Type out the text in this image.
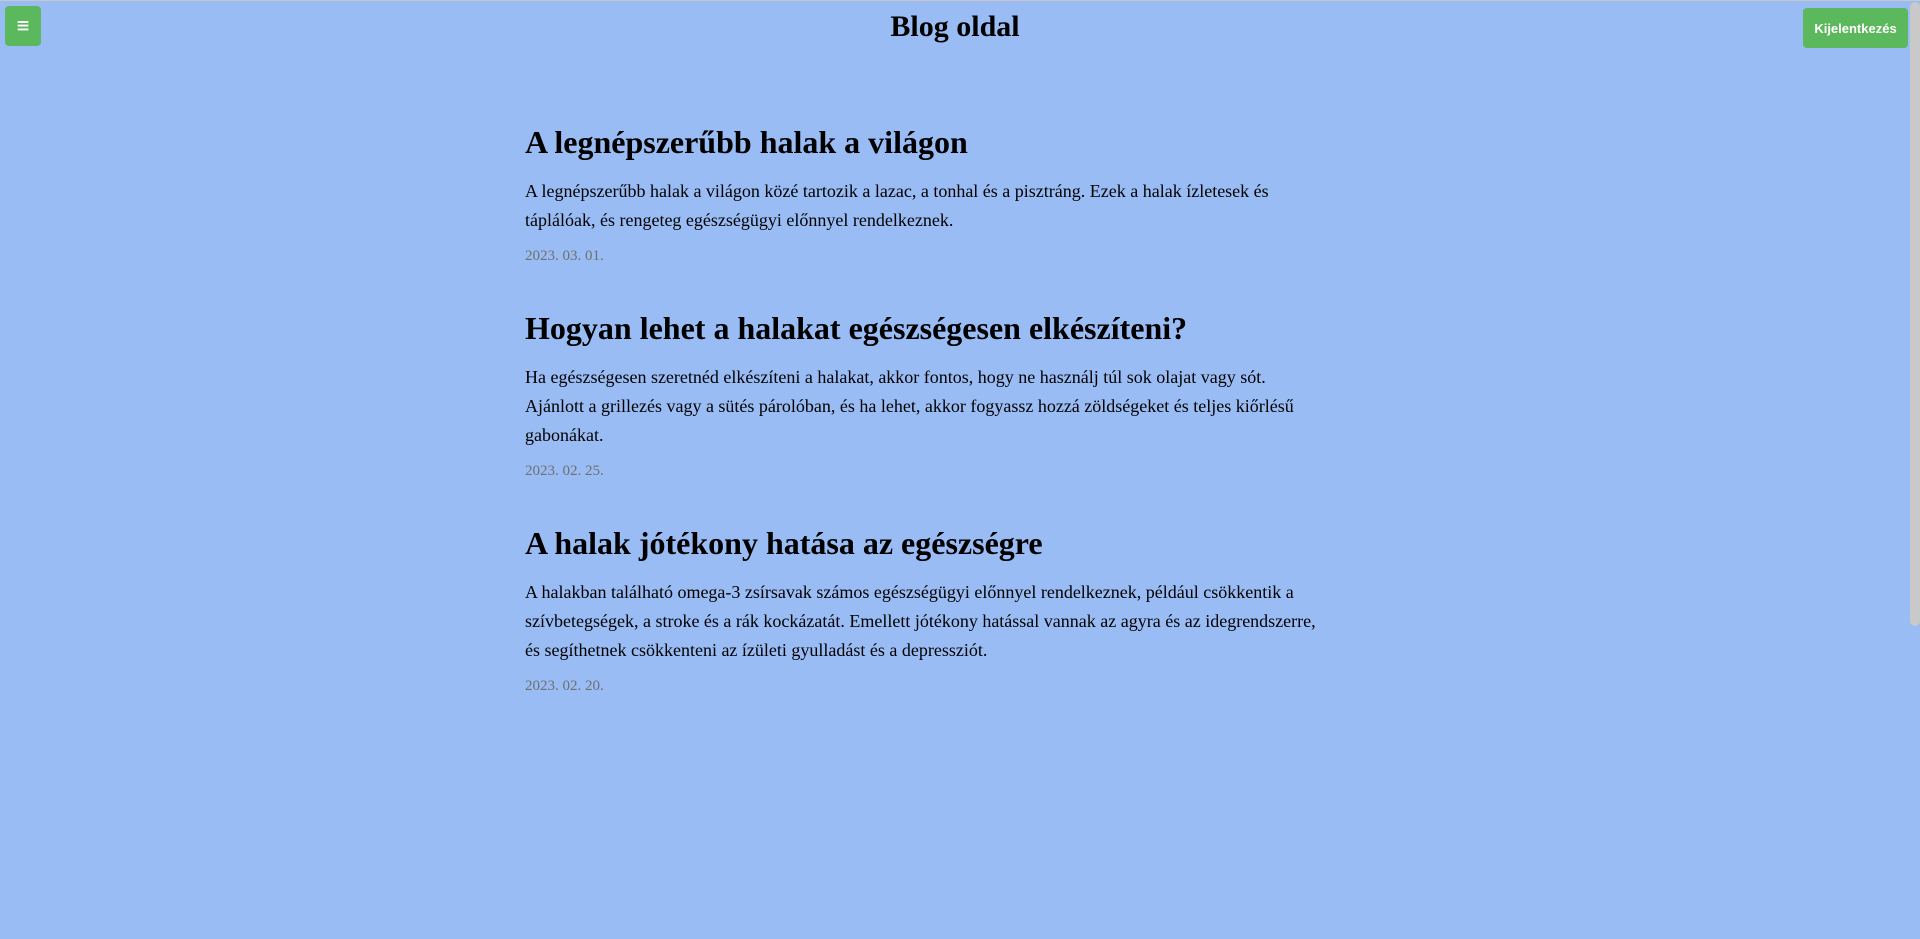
≡	Blog oldal	Kijelentkezés
A legnépszerűbb halak a világon

A legnépszerűbb halak a világon közé tartozik a lazac, a tonhal és a pisztráng. Ezek a halak ízletesek és táplálóak, és rengeteg egészségügyi előnnyel rendelkeznek.

2023. 03. 01.

Hogyan lehet a halakat egészségesen elkészíteni?

Ha egészségesen szeretnéd elkészíteni a halakat, akkor fontos, hogy ne használj túl sok olajat vagy sót. Ajánlott a grillezés vagy a sütés párolóban, és ha lehet, akkor fogyassz hozzá zöldségeket és teljes kiőrlésű gabonákat.

2023. 02. 25.

A halak jótékony hatása az egészségre

A halakban található omega-3 zsírsavak számos egészségügyi előnnyel rendelkeznek, például csökkentik a szívbetegségek, a stroke és a rák kockázatát. Emellett jótékony hatással vannak az agyra és az idegrendszerre, és segíthetnek csökkenteni az ízületi gyulladást és a depressziót.

2023. 02. 20.
